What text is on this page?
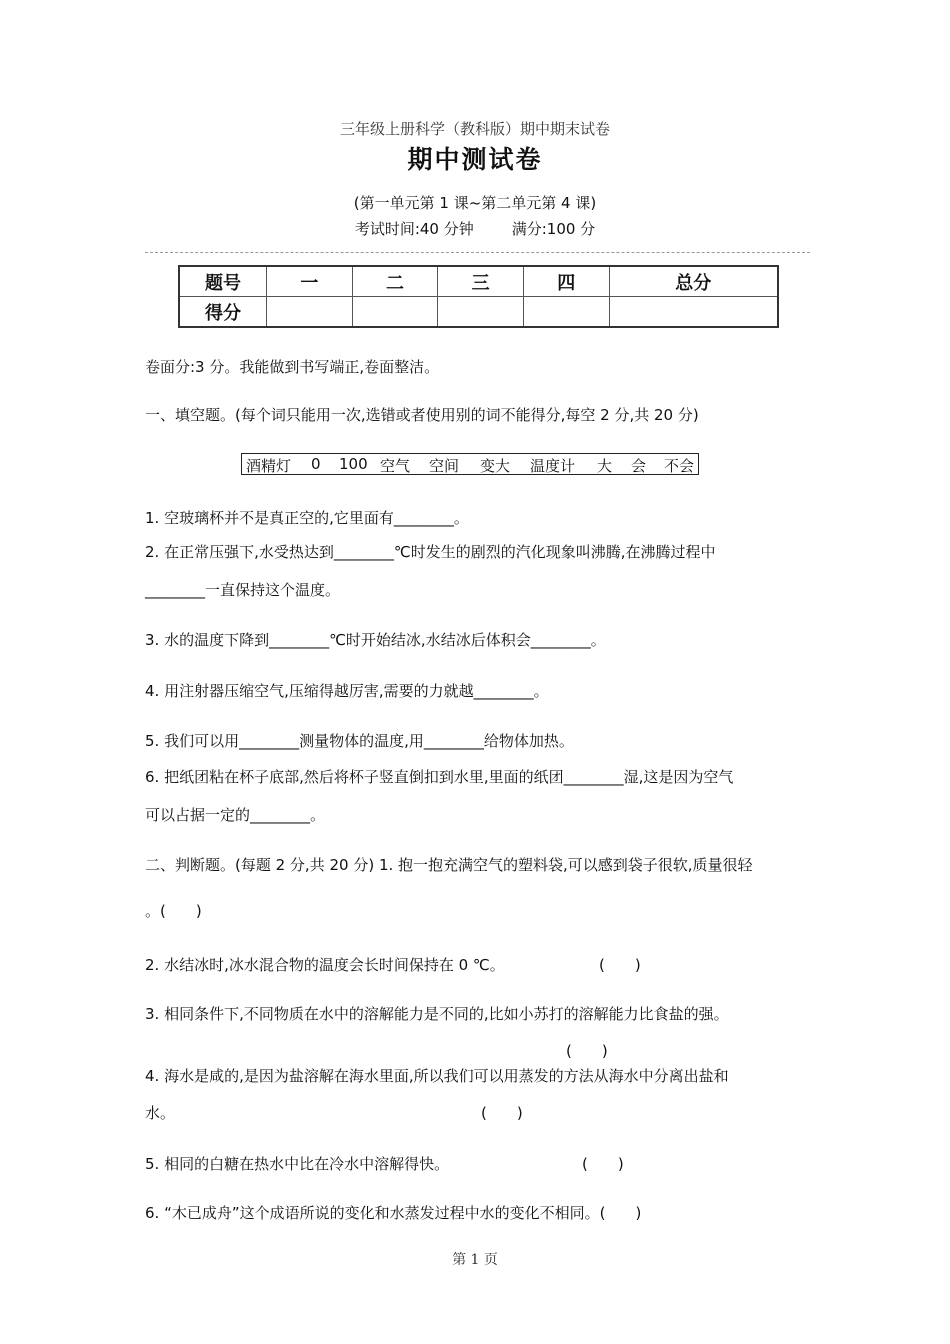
三年级上册科学（教科版）期中期末试卷
期中测试卷
(第一单元第 1 课~第二单元第 4 课)
考试时间:40 分钟	满分:100 分
题号	一	二	三	四	总分
得分					
卷面分:3 分。我能做到书写端正,卷面整洁。
一、填空题。(每个词只能用一次,选错或者使用别的词不能得分,每空 2 分,共 20 分)
酒精灯 0 100 空气 空间 变大 温度计 大 会 不会
1. 空玻璃杯并不是真正空的,它里面有________。
2. 在正常压强下,水受热达到________℃时发生的剧烈的汽化现象叫沸腾,在沸腾过程中
________一直保持这个温度。
3. 水的温度下降到________℃时开始结冰,水结冰后体积会________。
4. 用注射器压缩空气,压缩得越厉害,需要的力就越________。
5. 我们可以用________测量物体的温度,用________给物体加热。
6. 把纸团粘在杯子底部,然后将杯子竖直倒扣到水里,里面的纸团________湿,这是因为空气
可以占据一定的________。
二、判断题。(每题 2 分,共 20 分) 1. 抱一抱充满空气的塑料袋,可以感到袋子很软,质量很轻
。(　　)
2. 水结冰时,冰水混合物的温度会长时间保持在 0 ℃。	(　　)
3. 相同条件下,不同物质在水中的溶解能力是不同的,比如小苏打的溶解能力比食盐的强。
(　　)
4. 海水是咸的,是因为盐溶解在海水里面,所以我们可以用蒸发的方法从海水中分离出盐和
水。	(　　)
5. 相同的白糖在热水中比在冷水中溶解得快。	(　　)
6. “木已成舟”这个成语所说的变化和水蒸发过程中水的变化不相同。(　　)
第 1 页
